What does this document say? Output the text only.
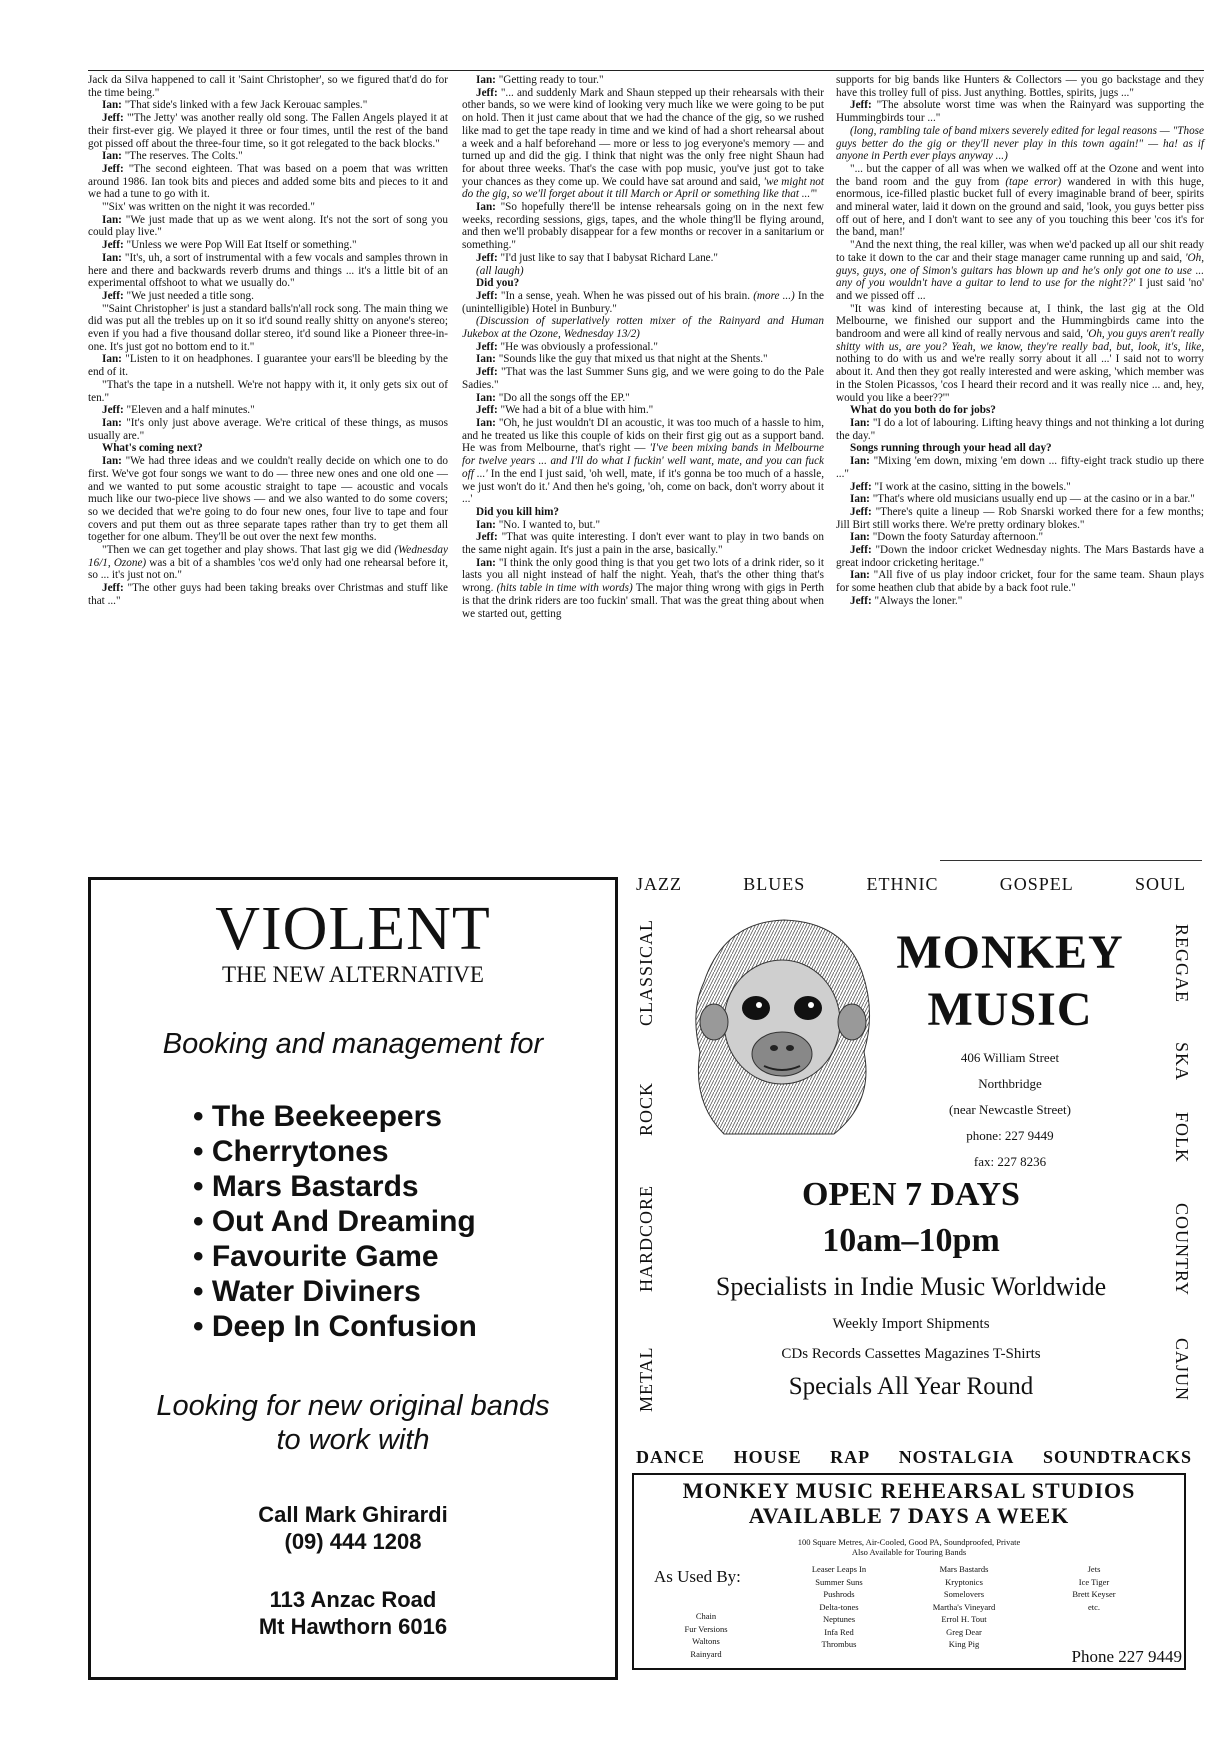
Jack da Silva happened to call it 'Saint Christopher', so we figured that'd do for the time being."

Ian: "That side's linked with a few Jack Kerouac samples."

Jeff: "'The Jetty' was another really old song. The Fallen Angels played it at their first-ever gig. We played it three or four times, until the rest of the band got pissed off about the three-four time, so it got relegated to the back blocks."

Ian: "The reserves. The Colts."

Jeff: "The second eighteen. That was based on a poem that was written around 1986. Ian took bits and pieces and added some bits and pieces to it and we had a tune to go with it.

"'Six' was written on the night it was recorded."

Ian: "We just made that up as we went along. It's not the sort of song you could play live."

Jeff: "Unless we were Pop Will Eat Itself or something."

Ian: "It's, uh, a sort of instrumental with a few vocals and samples thrown in here and there and backwards reverb drums and things ... it's a little bit of an experimental offshoot to what we usually do."

Jeff: "We just needed a title song.

"'Saint Christopher' is just a standard balls'n'all rock song. The main thing we did was put all the trebles up on it so it'd sound really shitty on anyone's stereo; even if you had a five thousand dollar stereo, it'd sound like a Pioneer three-in-one. It's just got no bottom end to it."

Ian: "Listen to it on headphones. I guarantee your ears'll be bleeding by the end of it.

"That's the tape in a nutshell. We're not happy with it, it only gets six out of ten."

Jeff: "Eleven and a half minutes."

Ian: "It's only just above average. We're critical of these things, as musos usually are."

What's coming next?

Ian: "We had three ideas and we couldn't really decide on which one to do first. We've got four songs we want to do — three new ones and one old one — and we wanted to put some acoustic straight to tape — acoustic and vocals much like our two-piece live shows — and we also wanted to do some covers; so we decided that we're going to do four new ones, four live to tape and four covers and put them out as three separate tapes rather than try to get them all together for one album. They'll be out over the next few months.

"Then we can get together and play shows. That last gig we did (Wednesday 16/1, Ozone) was a bit of a shambles 'cos we'd only had one rehearsal before it, so ... it's just not on."

Jeff: "The other guys had been taking breaks over Christmas and stuff like that ..."

Ian: "Getting ready to tour."

Jeff: "... and suddenly Mark and Shaun stepped up their rehearsals with their other bands, so we were kind of looking very much like we were going to be put on hold. Then it just came about that we had the chance of the gig, so we rushed like mad to get the tape ready in time and we kind of had a short rehearsal about a week and a half beforehand — more or less to jog everyone's memory — and turned up and did the gig. I think that night was the only free night Shaun had for about three weeks. That's the case with pop music, you've just got to take your chances as they come up. We could have sat around and said, 'we might not do the gig, so we'll forget about it till March or April or something like that ...'"

Ian: "So hopefully there'll be intense rehearsals going on in the next few weeks, recording sessions, gigs, tapes, and the whole thing'll be flying around, and then we'll probably disappear for a few months or recover in a sanitarium or something."

Jeff: "I'd just like to say that I babysat Richard Lane."

(all laugh)

Did you?

Jeff: "In a sense, yeah. When he was pissed out of his brain. (more ...) In the (unintelligible) Hotel in Bunbury."

(Discussion of superlatively rotten mixer of the Rainyard and Human Jukebox at the Ozone, Wednesday 13/2)

Jeff: "He was obviously a professional."

Ian: "Sounds like the guy that mixed us that night at the Shents."

Jeff: "That was the last Summer Suns gig, and we were going to do the Pale Sadies."

Ian: "Do all the songs off the EP."

Jeff: "We had a bit of a blue with him."

Ian: "Oh, he just wouldn't DI an acoustic, it was too much of a hassle to him, and he treated us like this couple of kids on their first gig out as a support band. He was from Melbourne, that's right — 'I've been mixing bands in Melbourne for twelve years ... and I'll do what I fuckin' well want, mate, and you can fuck off ...' In the end I just said, 'oh well, mate, if it's gonna be too much of a hassle, we just won't do it.' And then he's going, 'oh, come on back, don't worry about it ...'

Did you kill him?

Ian: "No. I wanted to, but."

Jeff: "That was quite interesting. I don't ever want to play in two bands on the same night again. It's just a pain in the arse, basically."

Ian: "I think the only good thing is that you get two lots of a drink rider, so it lasts you all night instead of half the night. Yeah, that's the other thing that's wrong. (hits table in time with words) The major thing wrong with gigs in Perth is that the drink riders are too fuckin' small. That was the great thing about when we started out, getting

supports for big bands like Hunters & Collectors — you go backstage and they have this trolley full of piss. Just anything. Bottles, spirits, jugs ..."

Jeff: "The absolute worst time was when the Rainyard was supporting the Hummingbirds tour ..."

(long, rambling tale of band mixers severely edited for legal reasons — "Those guys better do the gig or they'll never play in this town again!" — ha! as if anyone in Perth ever plays anyway ...)

"... but the capper of all was when we walked off at the Ozone and went into the band room and the guy from (tape error) wandered in with this huge, enormous, ice-filled plastic bucket full of every imaginable brand of beer, spirits and mineral water, laid it down on the ground and said, 'look, you guys better piss off out of here, and I don't want to see any of you touching this beer 'cos it's for the band, man!'

"And the next thing, the real killer, was when we'd packed up all our shit ready to take it down to the car and their stage manager came running up and said, 'Oh, guys, guys, one of Simon's guitars has blown up and he's only got one to use ... any of you wouldn't have a guitar to lend to use for the night??' I just said 'no' and we pissed off ...

"It was kind of interesting because at, I think, the last gig at the Old Melbourne, we finished our support and the Hummingbirds came into the bandroom and were all kind of really nervous and said, 'Oh, you guys aren't really shitty with us, are you? Yeah, we know, they're really bad, but, look, it's, like, nothing to do with us and we're really sorry about it all ...' I said not to worry about it. And then they got really interested and were asking, 'which member was in the Stolen Picassos, 'cos I heard their record and it was really nice ... and, hey, would you like a beer??'"

What do you both do for jobs?

Ian: "I do a lot of labouring. Lifting heavy things and not thinking a lot during the day."

Songs running through your head all day?

Ian: "Mixing 'em down, mixing 'em down ... fifty-eight track studio up there ..."

Jeff: "I work at the casino, sitting in the bowels."

Ian: "That's where old musicians usually end up — at the casino or in a bar."

Jeff: "There's quite a lineup — Rob Snarski worked there for a few months; Jill Birt still works there. We're pretty ordinary blokes."

Ian: "Down the footy Saturday afternoon."

Jeff: "Down the indoor cricket Wednesday nights. The Mars Bastards have a great indoor cricketing heritage."

Ian: "All five of us play indoor cricket, four for the same team. Shaun plays for some heathen club that abide by a back foot rule."

Jeff: "Always the loner."

VIOLENT
THE NEW ALTERNATIVE
Booking and management for
• The Beekeepers
• Cherrytones
• Mars Bastards
• Out And Dreaming
• Favourite Game
• Water Diviners
• Deep In Confusion
Looking for new original bands
to work with
Call Mark Ghirardi
(09) 444 1208
113 Anzac Road
Mt Hawthorn 6016
JAZZ	BLUES	ETHNIC	GOSPEL	SOUL
CLASSICAL
ROCK
HARDCORE
METAL
REGGAE
SKA
FOLK
COUNTRY
CAJUN
MONKEY
MUSIC
406 William Street
Northbridge
(near Newcastle Street)
phone: 227 9449
fax: 227 8236
OPEN 7 DAYS
10am–10pm
Specialists in Indie Music Worldwide
Weekly Import Shipments
CDs Records Cassettes Magazines T-Shirts
Specials All Year Round
DANCE HOUSE RAP NOSTALGIA SOUNDTRACKS
MONKEY MUSIC REHEARSAL STUDIOS
AVAILABLE 7 DAYS A WEEK
100 Square Metres, Air-Cooled, Good PA, Soundproofed, Private
Also Available for Touring Bands
As Used By:
Chain
Fur Versions
Waltons
Rainyard
Leaser Leaps In
Summer Suns
Pushrods
Delta-tones
Neptunes
Infa Red
Thrombus
Mars Bastards
Kryptonics
Somelovers
Martha's Vineyard
Errol H. Tout
Greg Dear
King Pig
Jets
Ice Tiger
Brett Keyser
etc.
Phone 227 9449
